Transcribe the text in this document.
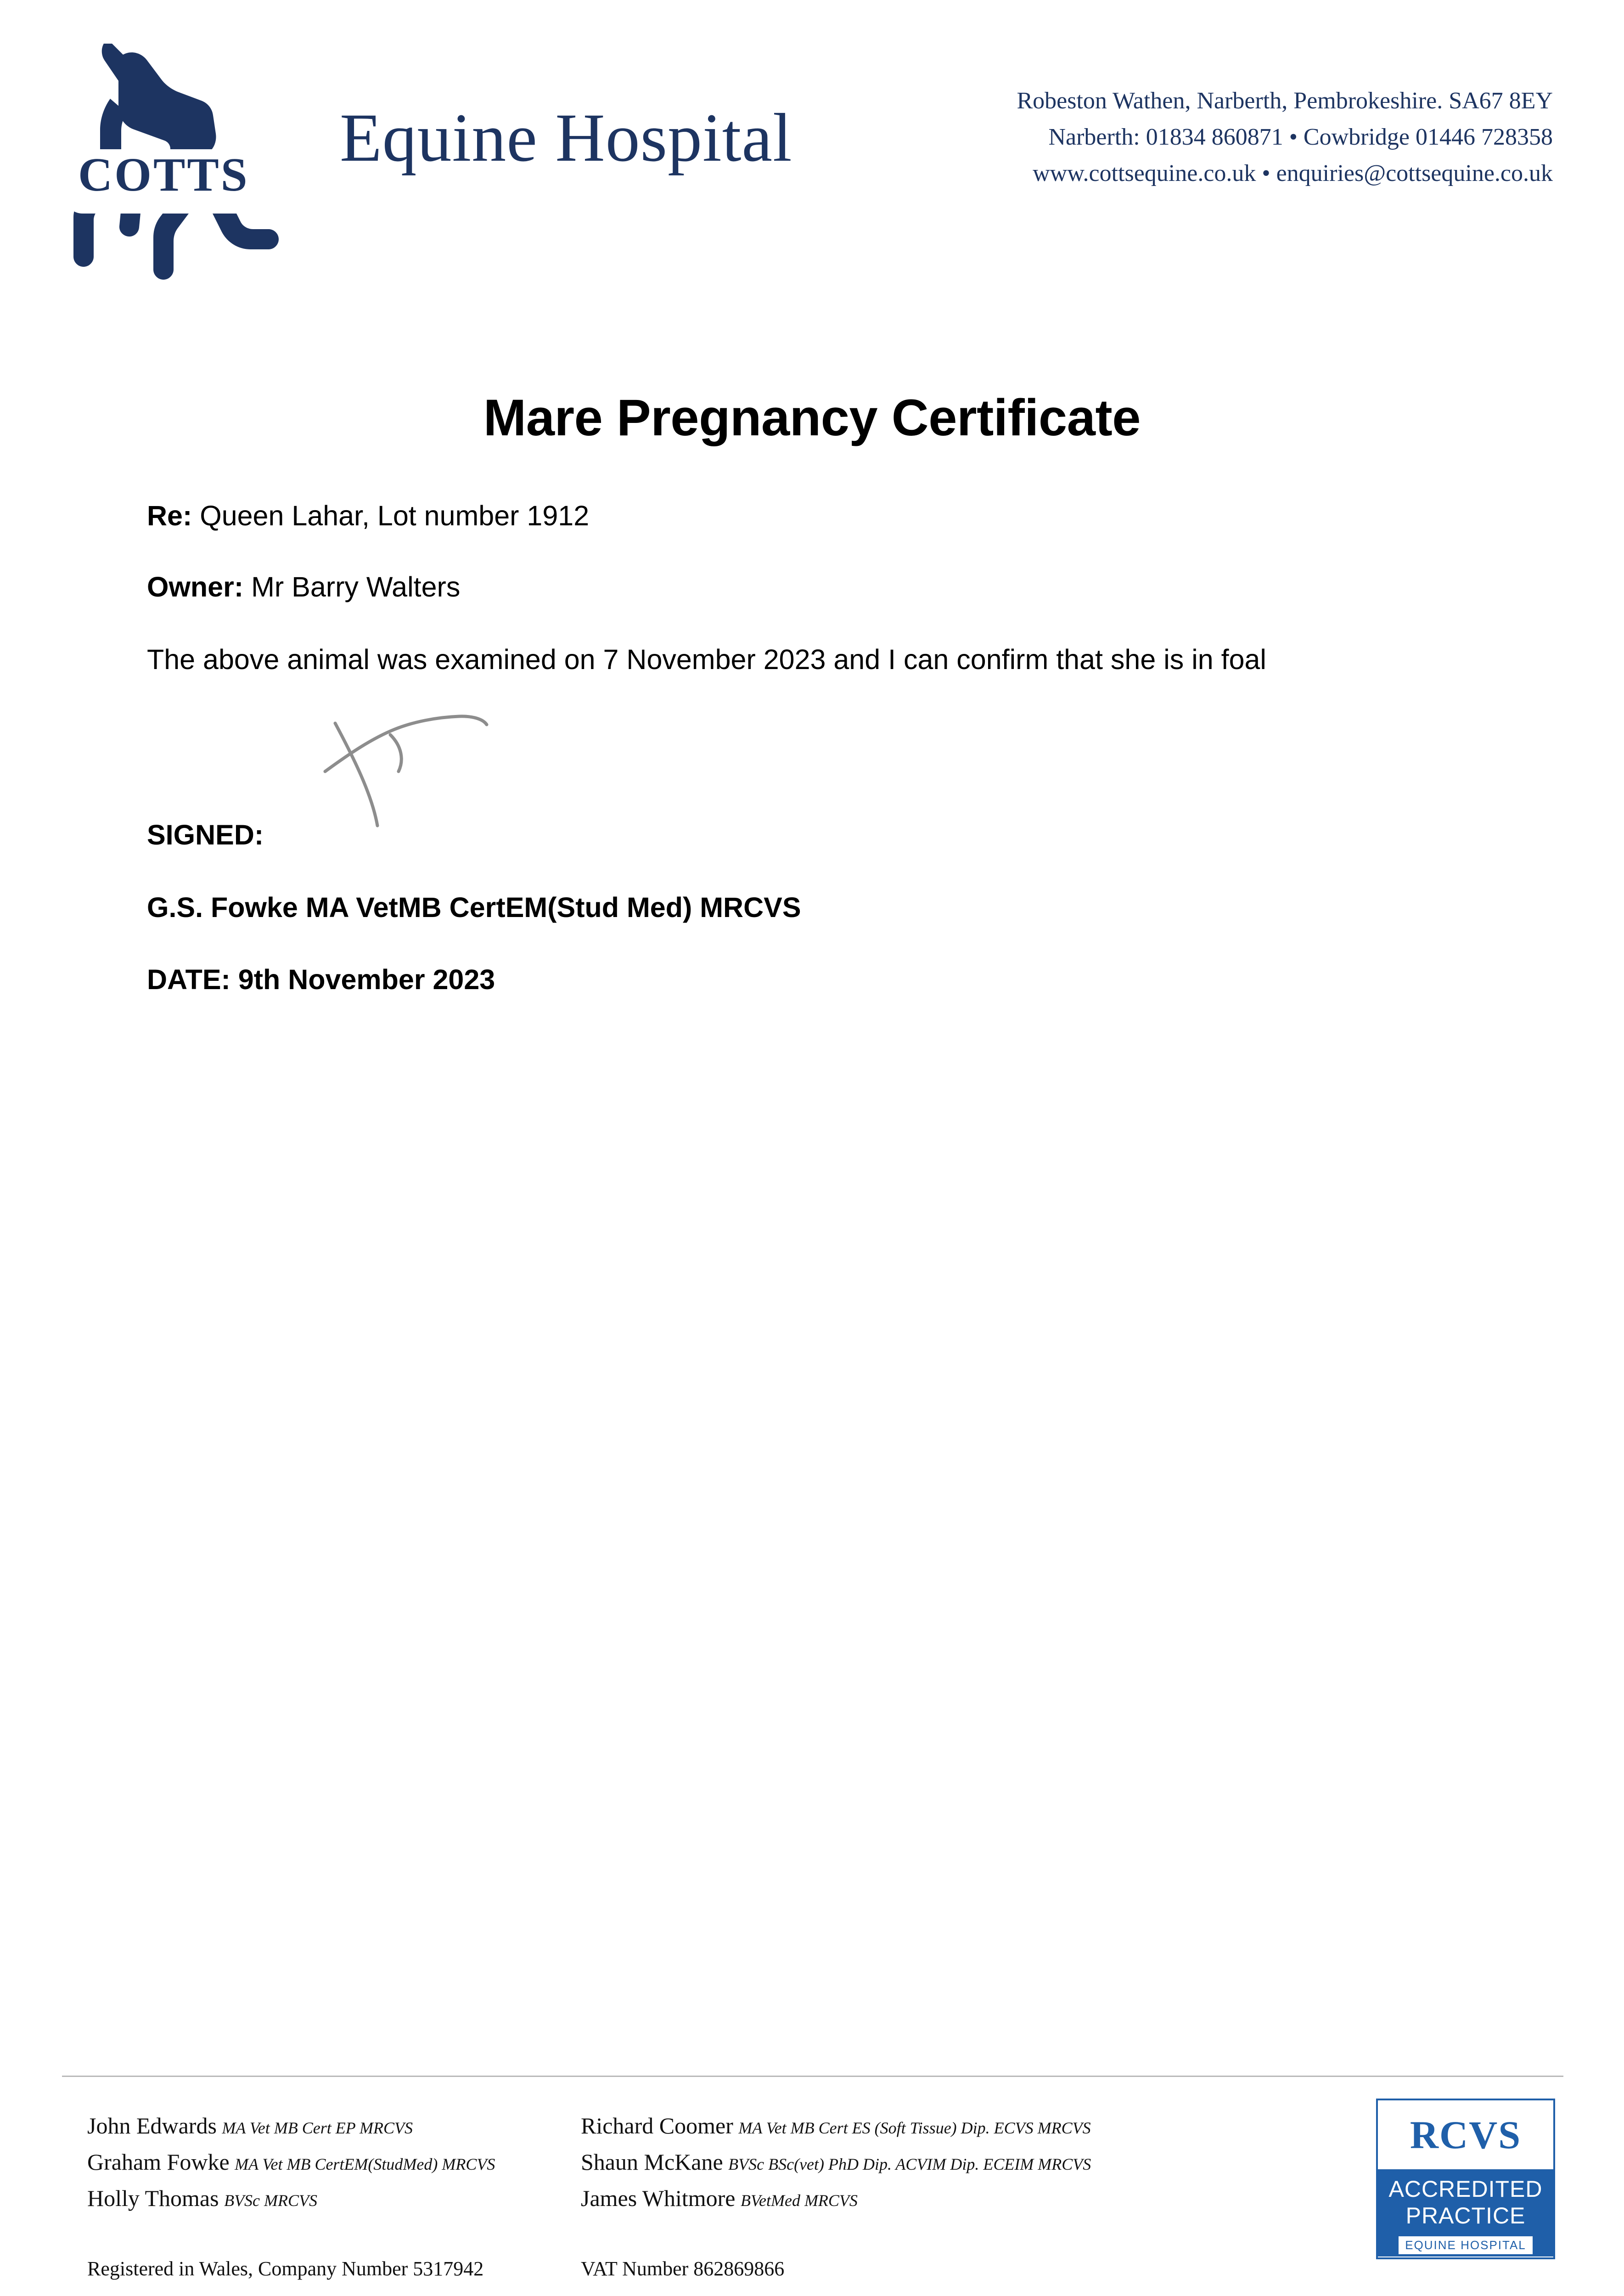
COTTS Equine Hospital	Robeston Wathen, Narberth, Pembrokeshire. SA67 8EY
Narberth: 01834 860871 • Cowbridge 01446 728358
www.cottsequine.co.uk • enquiries@cottsequine.co.uk
Mare Pregnancy Certificate
Re: Queen Lahar, Lot number 1912
Owner: Mr Barry Walters
The above animal was examined on 7 November 2023 and I can confirm that she is in foal
SIGNED:
G.S. Fowke MA VetMB CertEM(Stud Med) MRCVS
DATE: 9th November 2023
John Edwards MA Vet MB Cert EP MRCVS
Graham Fowke MA Vet MB CertEM(StudMed) MRCVS
Holly Thomas BVSc MRCVS
Richard Coomer MA Vet MB Cert ES (Soft Tissue) Dip. ECVS MRCVS
Shaun McKane BVSc BSc(vet) PhD Dip. ACVIM Dip. ECEIM MRCVS
James Whitmore BVetMed MRCVS
Registered in Wales, Company Number 5317942	VAT Number 862869866
RCVS
ACCREDITED
PRACTICE
EQUINE HOSPITAL
